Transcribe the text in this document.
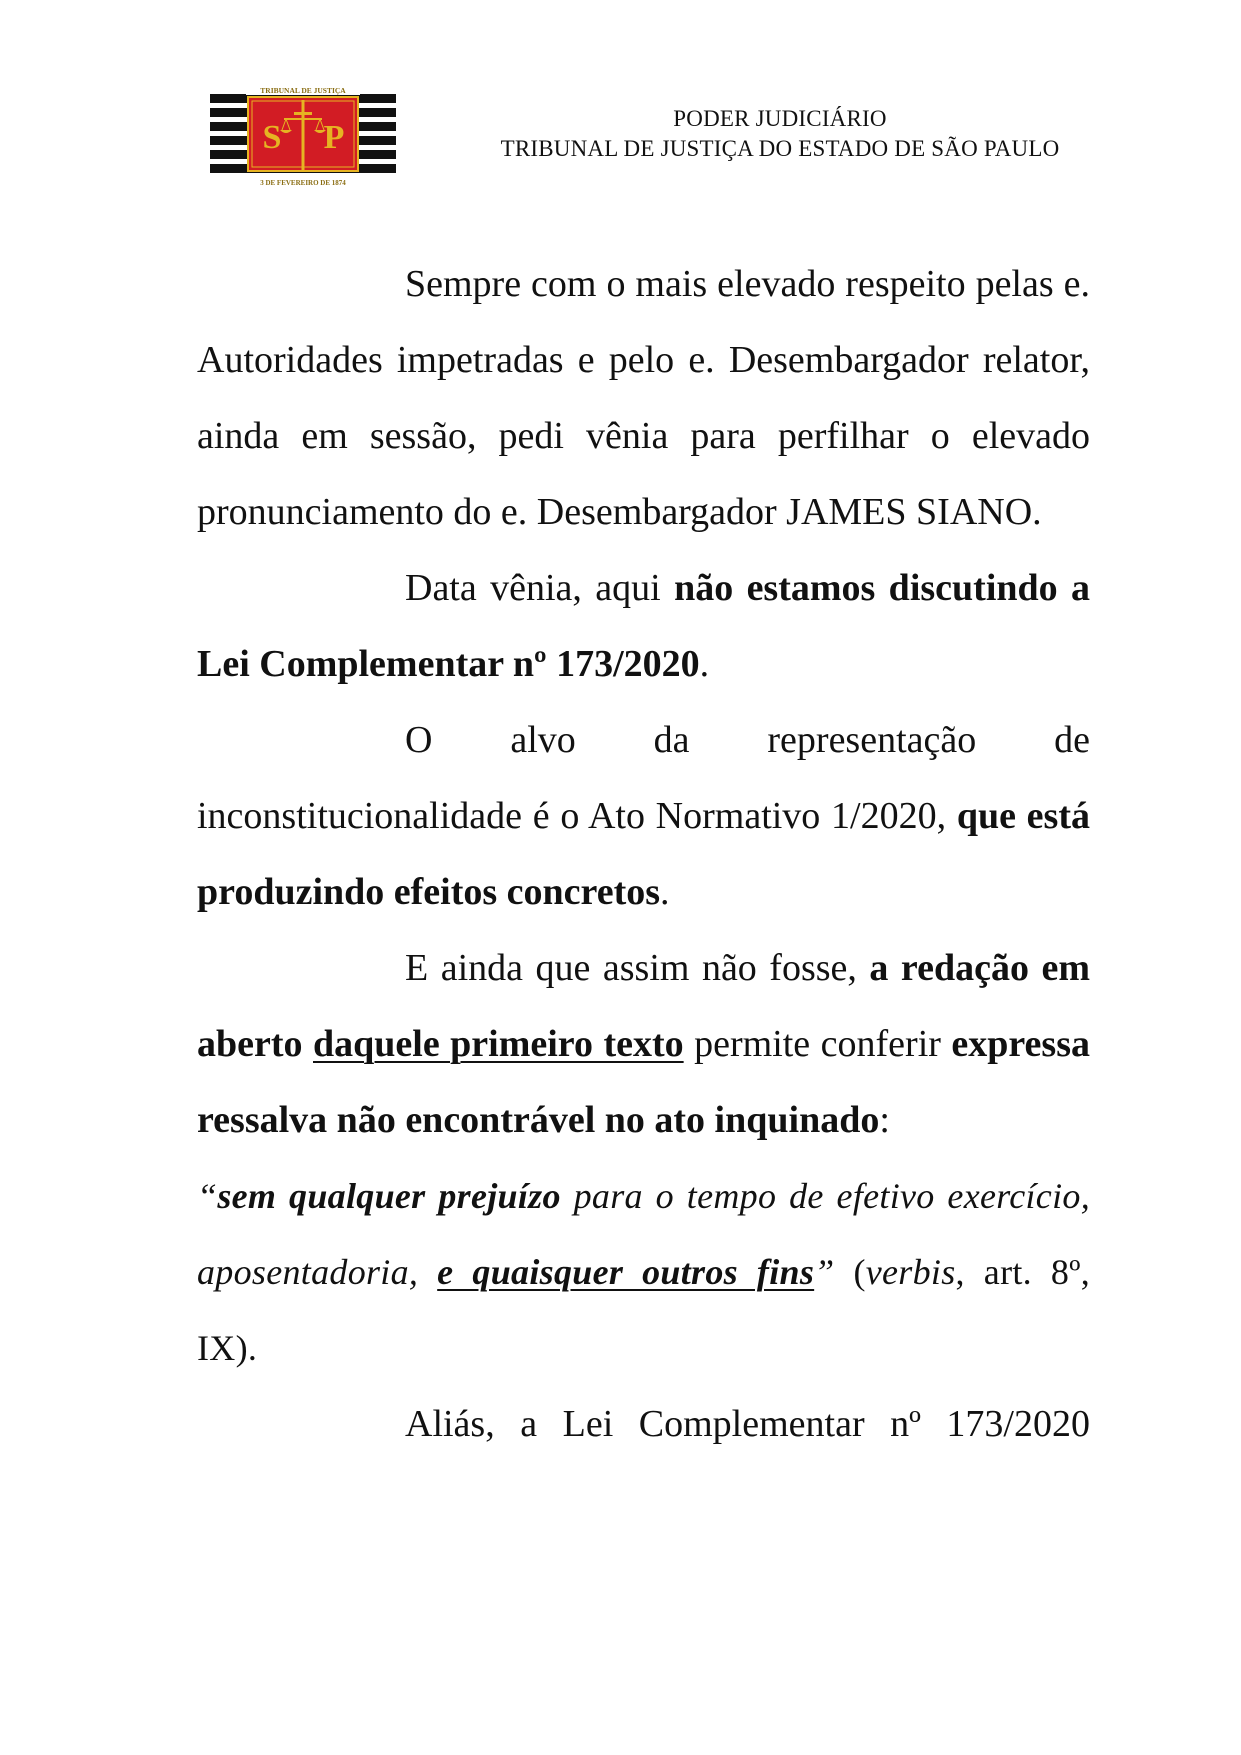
S P
TRIBUNAL DE JUSTIÇA
3 DE FEVEREIRO DE 1874
PODER JUDICIÁRIO
TRIBUNAL DE JUSTIÇA DO ESTADO DE SÃO PAULO

Sempre com o mais elevado respeito pelas e. Autoridades impetradas e pelo e. Desembargador relator, ainda em sessão, pedi vênia para perfilhar o elevado pronunciamento do e. Desembargador JAMES SIANO.

Data vênia, aqui não estamos discutindo a Lei Complementar nº 173/2020.

O alvo da representação de inconstitucionalidade é o Ato Normativo 1/2020, que está produzindo efeitos concretos.

E ainda que assim não fosse, a redação em aberto daquele primeiro texto permite conferir expressa ressalva não encontrável no ato inquinado:

“sem qualquer prejuízo para o tempo de efetivo exercício, aposentadoria, e quaisquer outros fins” (verbis, art. 8º, IX).

Aliás, a Lei Complementar nº 173/2020
